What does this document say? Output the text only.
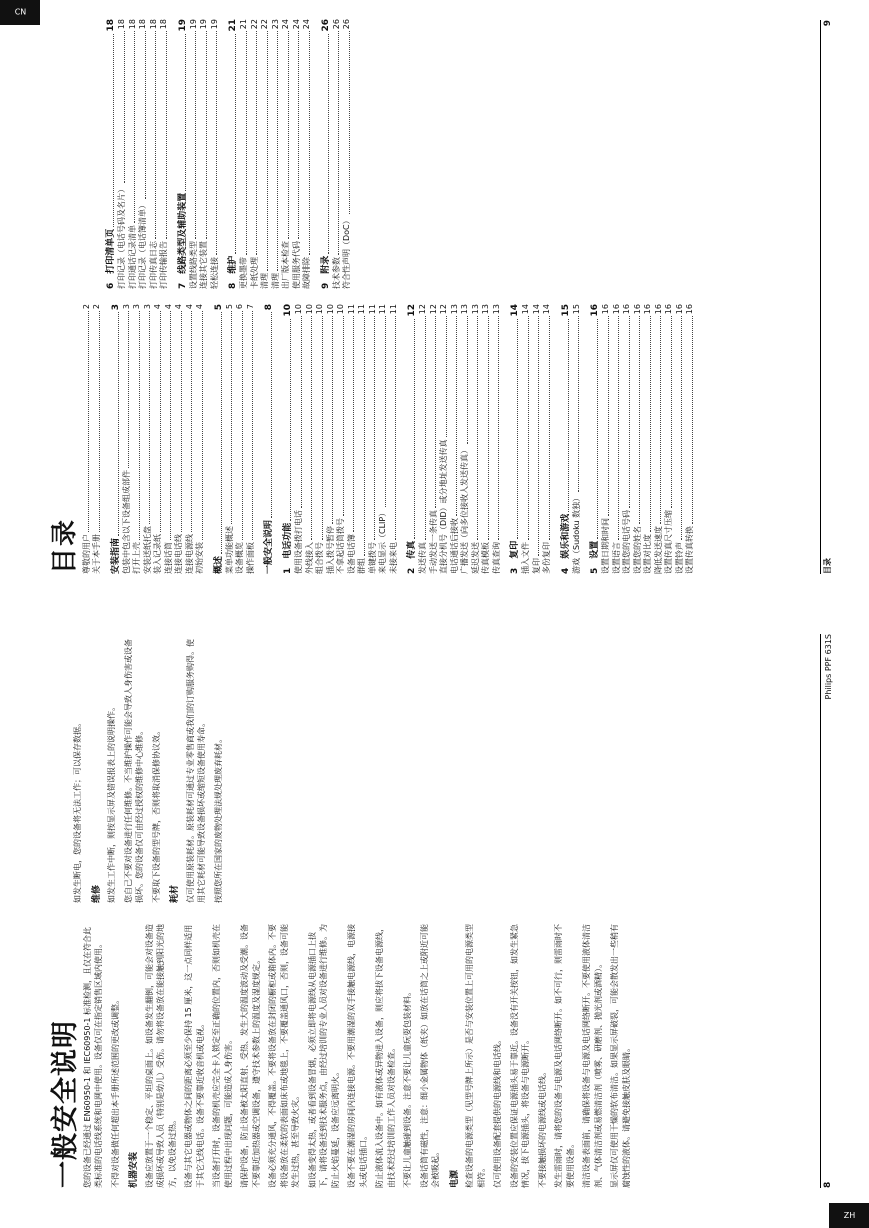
一般安全说明 您的设备已经通过 EN60950-1 和 IEC60950-1 标准检测，且仅在符合此类标准的电话线系统和电网中使用。设备仅可在指定销售区域内使用。 不得对设备做任何超出本手册所述范围的更改或调整。 机器安装 设备应放置于一个稳定、平坦的桌面上。如设备发生翻倒，可能会对设备造成损坏或导致人员（特别是幼儿）受伤。请勿将设备放在能接触到阳光的地方，以免设备过热。 设备与其它电器或物体之间的距离必须至少保持 15 厘米，这一点同样适用于其它无线电话。设备不要靠近收音机或电视。 当设备打开时，设备的机壳应完全卡入锁定至正确的位置内，否则如机壳在使用过程中出现问题，可能造成人身伤害。 请保护设备，防止设备被太阳直射、受热、发生大的温度波动及受潮。设备不要靠近加热器或空调设备，遵守技术参数上的温度及湿度规定。 设备必须充分通风，不得覆盖。不要将设备放在封闭的橱柜或箱体内。不要将设备放在柔软的表面如床布或地毯上，不要覆盖通风口，否则，设备可能发生过热，甚至导致火灾。 如设备变得太热，或者看到设备冒烟，必须立即将电源线从电源插口上拔下，请将设备送到技术服务点，由经过培训的专业人员对设备进行维修。为防止火焰蔓延，设备应远离明火。 设备不要在潮湿的房间内连接电源。不要用潮湿的双手接触电源线，电源接头或电话插口。 防止液体流入设备中。如有液体或异物进入设备，则应将拔下设备电源线，由技术经过培训的工作人员对设备检查。 不要让儿童触碰到设备。注意不要让儿童玩耍包装材料。 设备话筒有磁性，注意：细小金属物体（纸夹）如放在话筒之上或附近可能会被吸起。 电源 检查设备的电源类型（见型号牌上所示）是否与安装位置上可用的电源类型相符。 仅可使用设备配套提供的电源线和电话线。 设备的安装位置应保证电源插头易于靠近。设备没有开关按钮，如发生紧急情况，拔下电源插头，将设备与电源断开。 不要接触损坏的电源线或电话线。 发生雷雨时，请将您的设备与电源及电话网络断开。如不可行，则雷雨时不要使用设备。 清洁设备表面前，请确保将设备与电源及电话网络断开。不要使用液体清洁剂、气体清洁剂或易燃清洁剂（喷雾、研磨剂、抛光剂或酒精）。 显示屏仅可使用干燥的软布清洁。如果显示屏破裂，可能会散发出一些稍有腐蚀性的液体。请避免接触皮肤及眼睛。

如发生断电，您的设备将无法工作；可以保存数据。 维修 如发生工作中断，则按显示屏及错误报表上的说明操作。 您自己不要对设备进行任何维修。不当维护操作可能会导致人身伤害或设备损坏。您的设备仅可由经过授权的维修中心维修。 不要取下设备的型号牌，否则将取消保修协议效。 耗材 仅可使用原装耗材。原装耗材可通过专业零售商或我们的订购服务购得。使用其它耗材可能导致设备损坏或缩短设备使用寿命。 按照您所在国家的废物处理法规处理废弃耗材。

8
Philips PPF 631S
ZH
目录 尊敬的用户
2
关于本手册
2
安装指南
3
包装中包含以下设备组成部件
3
打开上壳
3
安装送纸托盘
3
装入记录纸
4
连接话筒
4
连接电话线
4
连接电源线
4
初始安装
4
概述
5
菜单功能概述
5
设备概览
6
操作面板
7
一般安全说明
8
1　电话功能
10
使用设备拨打电话
10
外线接入
10
组合拨号
10
插入拨号暂停
10
不拿起话筒拨号
10
设备电话簿
11
群组
11
单键拨号
11
来电显示（CLIP）
11
未接来电
11
2　传真
12
发送传真
12
手动发送一条传真
12
直接分机号（DID）或分地址发送传真
12
电话通话后接收
13
广播发送（向多位接收人发送传真）
13
延迟发送
13
传真模板
13
传真查询
13
3　复印
14
插入文件
14
复印
14
多份复印
14
4　娱乐和游戏
15
游戏（Sudoku 数独）
15
5　设置
16
设置日期和时间
16
设置语言
16
设置您的电话号码
16
设置您的姓名
16
设置对比度
16
降低发送速度
16
设置传真尺寸压缩
16
设置铃声
16
设置传真转换
16
6　打印清单页
18
打印记录（电话号码及名片）
18
打印通话记录清单
18
打印记录（电话簿清单）
18
打印传真日志
18
打印传输报告
18
7　线路类型及辅助装置
19
设置线路类型
19
连接其它装置
19
轻松连接
19
8　维护
21
更换墨带
21
卡纸处理
22
清理
22
清理
23
出厂版本检查
24
使用服务代码
24
故障排除
24
9　附录
26
技术参数
26
符合性声明（DoC）
26
目录
9
CN
